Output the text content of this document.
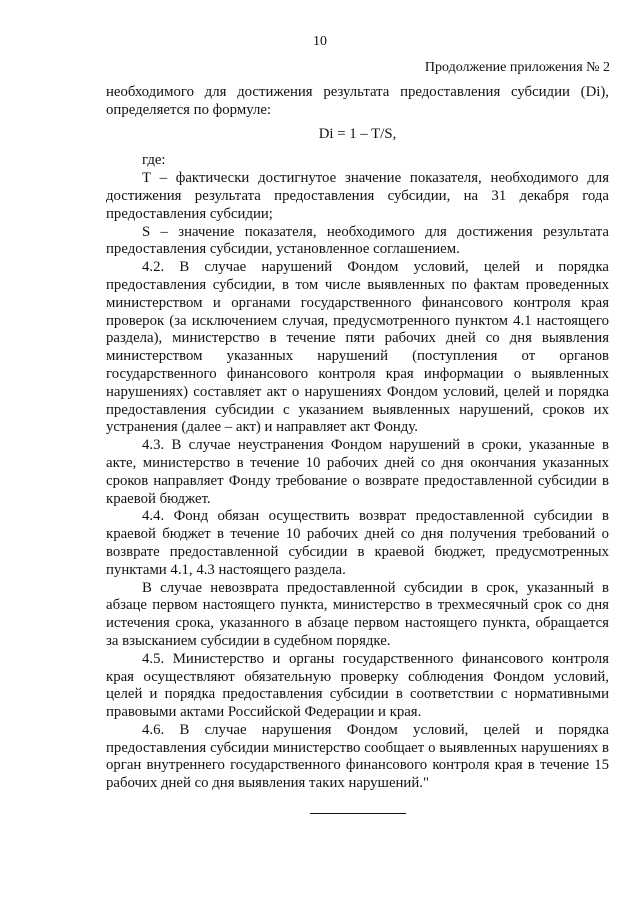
10
Продолжение приложения № 2

необходимого для достижения результата предоставления субсидии (Di), определяется по формуле:

Di = 1 – T/S,

где:

T – фактически достигнутое значение показателя, необходимого для достижения результата предоставления субсидии, на 31 декабря года предоставления субсидии;

S – значение показателя, необходимого для достижения результата предоставления субсидии, установленное соглашением.

4.2. В случае нарушений Фондом условий, целей и порядка предоставления субсидии, в том числе выявленных по фактам проведенных министерством и органами государственного финансового контроля края проверок (за исключением случая, предусмотренного пунктом 4.1 настоящего раздела), министерство в течение пяти рабочих дней со дня выявления министерством указанных нарушений (поступления от органов государственного финансового контроля края информации о выявленных нарушениях) составляет акт о нарушениях Фондом условий, целей и порядка предоставления субсидии с указанием выявленных нарушений, сроков их устранения (далее – акт) и направляет акт Фонду.

4.3. В случае неустранения Фондом нарушений в сроки, указанные в акте, министерство в течение 10 рабочих дней со дня окончания указанных сроков направляет Фонду требование о возврате предоставленной субсидии в краевой бюджет.

4.4. Фонд обязан осуществить возврат предоставленной субсидии в краевой бюджет в течение 10 рабочих дней со дня получения требований о возврате предоставленной субсидии в краевой бюджет, предусмотренных пунктами 4.1, 4.3 настоящего раздела.

В случае невозврата предоставленной субсидии в срок, указанный в абзаце первом настоящего пункта, министерство в трехмесячный срок со дня истечения срока, указанного в абзаце первом настоящего пункта, обращается за взысканием субсидии в судебном порядке.

4.5. Министерство и органы государственного финансового контроля края осуществляют обязательную проверку соблюдения Фондом условий, целей и порядка предоставления субсидии в соответствии с нормативными правовыми актами Российской Федерации и края.

4.6. В случае нарушения Фондом условий, целей и порядка предоставления субсидии министерство сообщает о выявленных нарушениях в орган внутреннего государственного финансового контроля края в течение 15 рабочих дней со дня выявления таких нарушений."
